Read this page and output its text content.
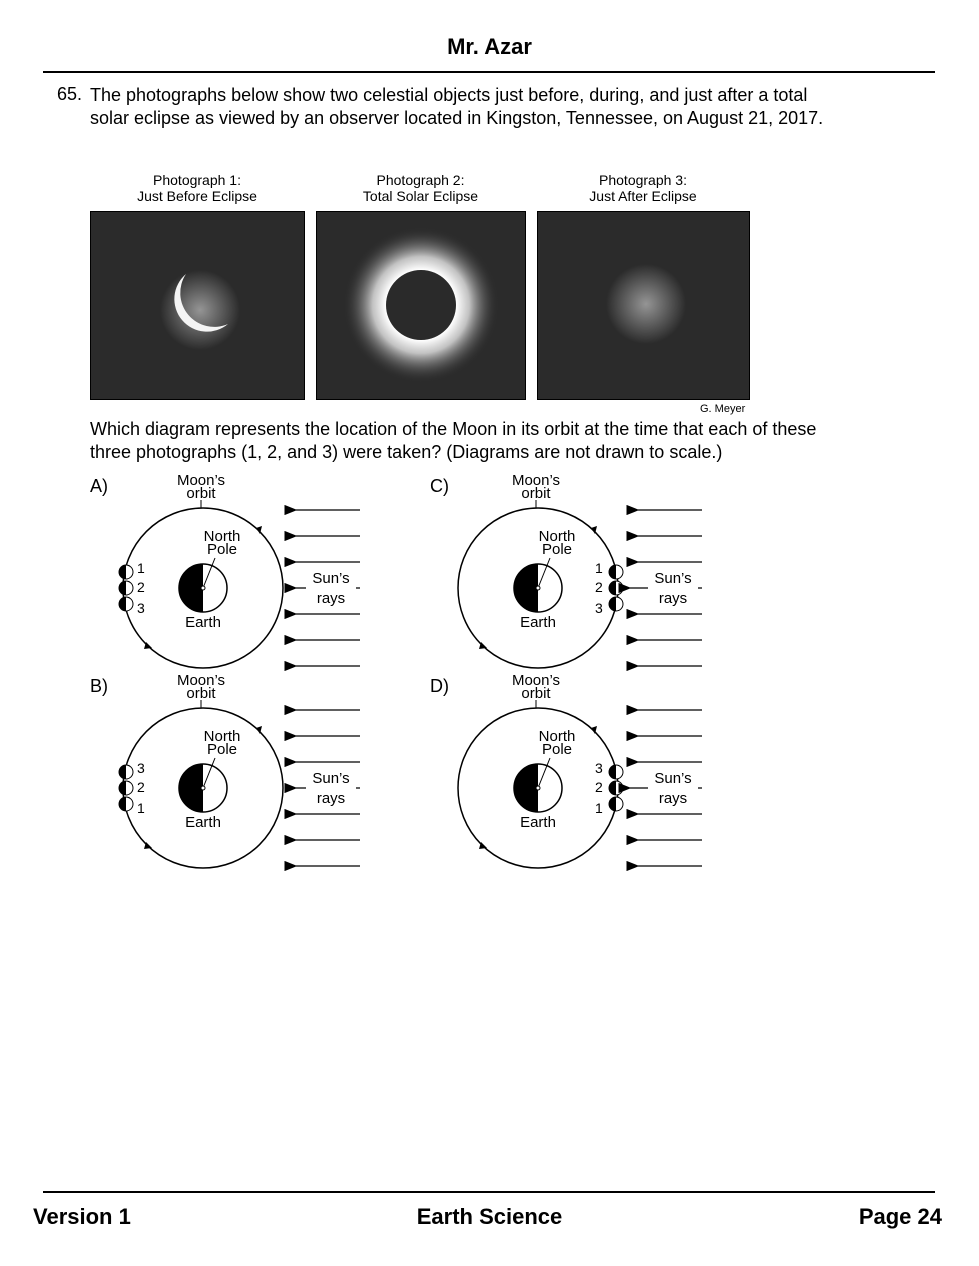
Mr. Azar
65. The photographs below show two celestial objects just before, during, and just after a total solar eclipse as viewed by an observer located in Kingston, Tennessee, on August 21, 2017.
Photograph 1:
Just Before Eclipse
Photograph 2:
Total Solar Eclipse
Photograph 3:
Just After Eclipse
G. Meyer
Which diagram represents the location of the Moon in its orbit at the time that each of these three photographs (1, 2, and 3) were taken? (Diagrams are not drawn to scale.)
A)	C)
B)	D)
Moon’s
orbit
North
Pole
Earth
1
2
3
Sun’s
rays
Moon’s
orbit
North
Pole
Earth
1
2
3
Sun’s
rays
Moon’s
orbit
North
Pole
Earth
3
2
1
Sun’s
rays
Moon’s
orbit
North
Pole
Earth
3
2
1
Sun’s
rays
Version 1	Earth Science	Page 24
